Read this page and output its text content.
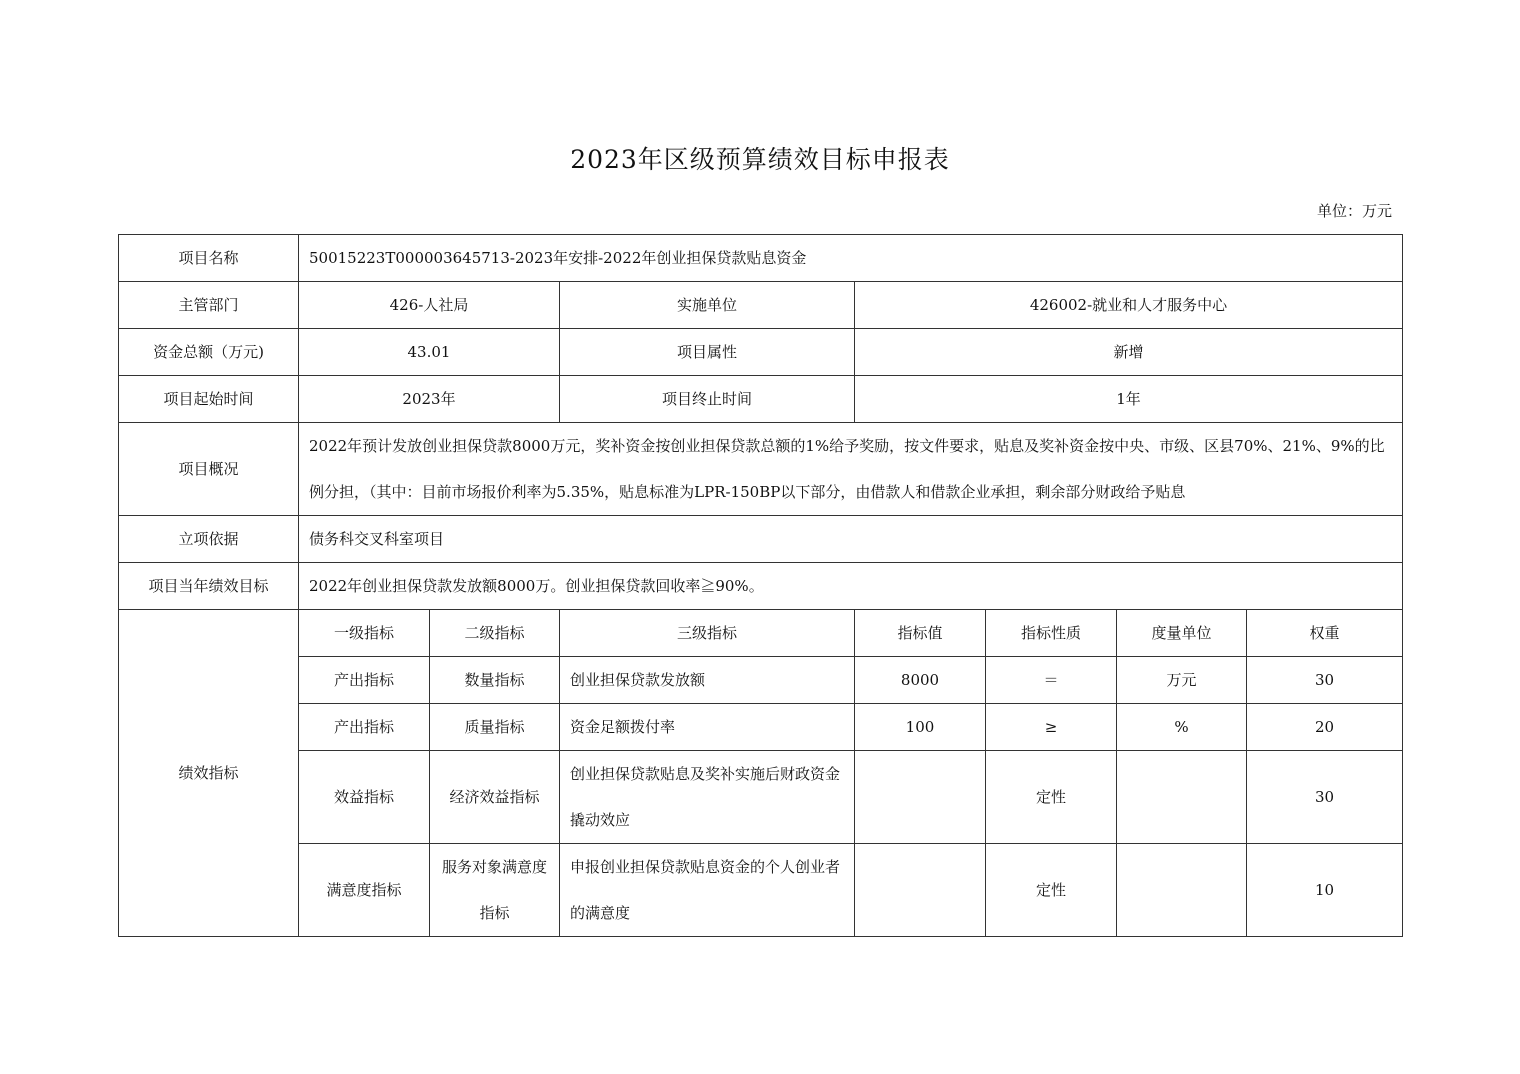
2023年区级预算绩效目标申报表
单位：万元
项目名称	50015223T000003645713-2023年安排-2022年创业担保贷款贴息资金						
主管部门	426-人社局		实施单位	426002-就业和人才服务中心			
资金总额（万元)	43.01		项目属性	新增			
项目起始时间	2023年		项目终止时间	1年			
项目概况	2022年预计发放创业担保贷款8000万元，奖补资金按创业担保贷款总额的1%给予奖励，按文件要求，贴息及奖补资金按中央、市级、区县70%、21%、9%的比例分担，（其中：目前市场报价利率为5.35%，贴息标准为LPR-150BP以下部分，由借款人和借款企业承担，剩余部分财政给予贴息						
立项依据	债务科交叉科室项目						
项目当年绩效目标	2022年创业担保贷款发放额8000万。创业担保贷款回收率≧90%。						
绩效指标	一级指标	二级指标	三级指标	指标值	指标性质	度量单位	权重
	产出指标	数量指标	创业担保贷款发放额	8000	＝	万元	30
	产出指标	质量指标	资金足额拨付率	100	≥	%	20
	效益指标	经济效益指标	创业担保贷款贴息及奖补实施后财政资金撬动效应		定性		30
	满意度指标	服务对象满意度指标	申报创业担保贷款贴息资金的个人创业者的满意度		定性		10
